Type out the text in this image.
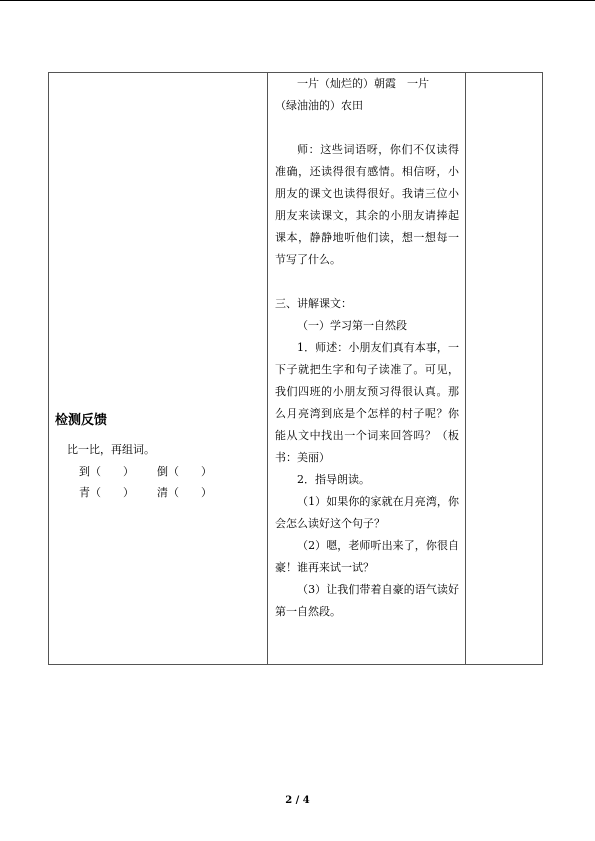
检测反馈
比一比，再组词。
到（　　）	倒（　　）
青（　　）	清（　　）

一片（灿烂的）朝霞　一片

（绿油油的）农田

师：这些词语呀，你们不仅读得准确，还读得很有感情。相信呀，小朋友的课文也读得很好。我请三位小朋友来读课文，其余的小朋友请捧起课本，静静地听他们读，想一想每一节写了什么。

三、讲解课文：

（一）学习第一自然段

1．师述：小朋友们真有本事，一下子就把生字和句子读准了。可见，我们四班的小朋友预习得很认真。那么月亮湾到底是个怎样的村子呢？你能从文中找出一个词来回答吗？（板书：美丽）

2．指导朗读。

（1）如果你的家就在月亮湾，你会怎么读好这个句子？

（2）嗯，老师听出来了，你很自豪！谁再来试一试？

（3）让我们带着自豪的语气读好第一自然段。

2 / 4
